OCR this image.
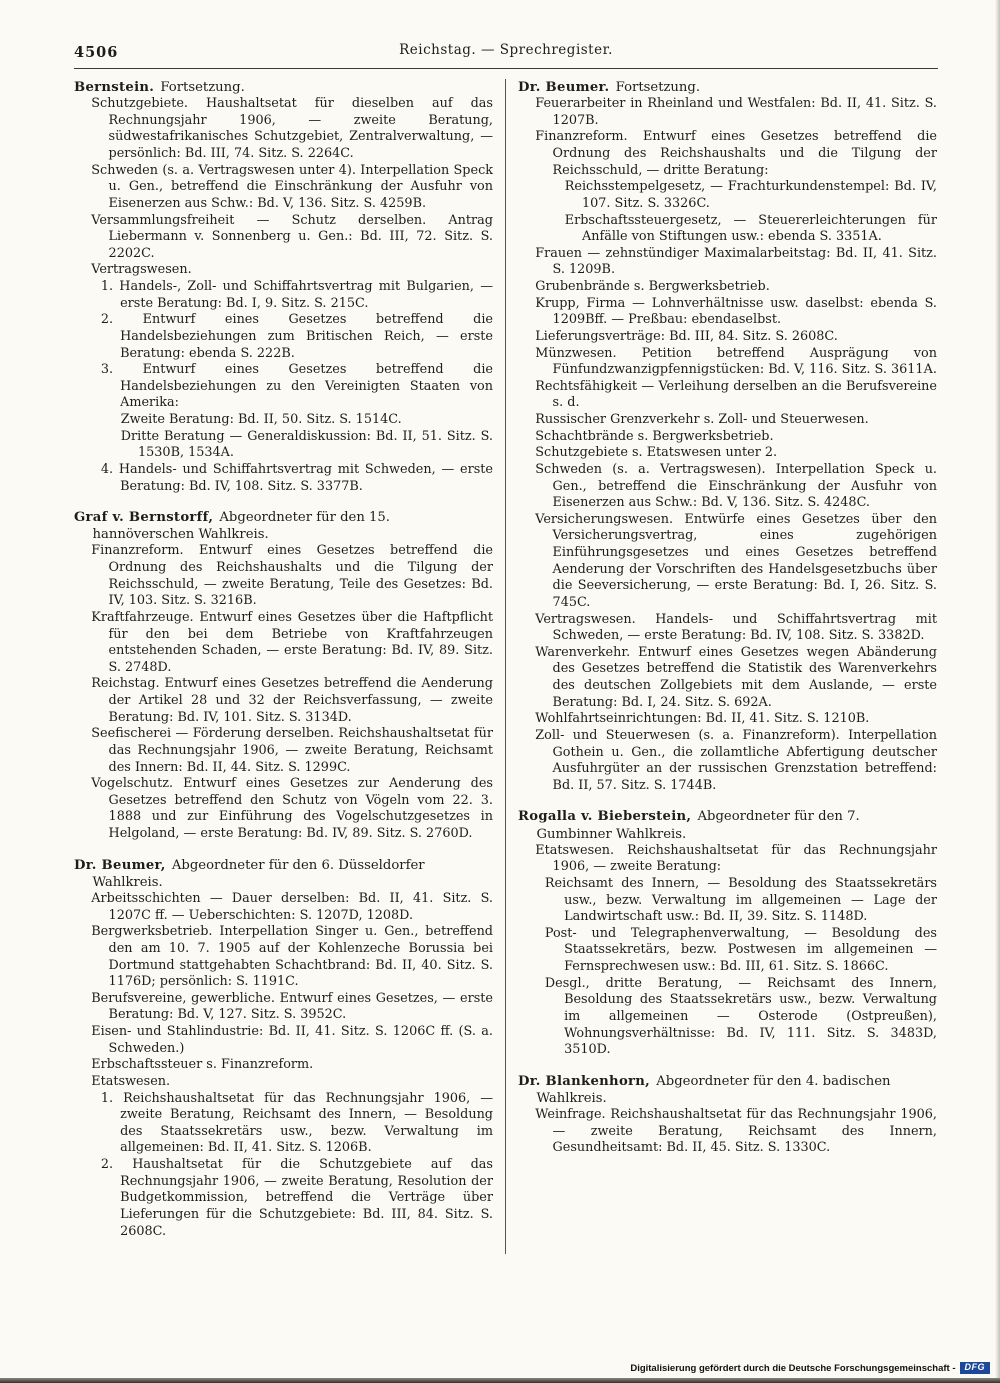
4506	Reichstag. — Sprechregister.

Bernstein. Fortsetzung.

Schutzgebiete. Haushaltsetat für dieselben auf das Rechnungsjahr 1906, — zweite Beratung, südwestafrikanisches Schutzgebiet, Zentralverwaltung, — persönlich: Bd. III, 74. Sitz. S. 2264C.

Schweden (s. a. Vertragswesen unter 4). Interpellation Speck u. Gen., betreffend die Einschränkung der Ausfuhr von Eisenerzen aus Schw.: Bd. V, 136. Sitz. S. 4259B.

Versammlungsfreiheit — Schutz derselben. Antrag Liebermann v. Sonnenberg u. Gen.: Bd. III, 72. Sitz. S. 2202C.

Vertragswesen.

1. Handels-, Zoll- und Schiffahrtsvertrag mit Bulgarien, — erste Beratung: Bd. I, 9. Sitz. S. 215C.

2. Entwurf eines Gesetzes betreffend die Handelsbeziehungen zum Britischen Reich, — erste Beratung: ebenda S. 222B.

3. Entwurf eines Gesetzes betreffend die Handelsbeziehungen zu den Vereinigten Staaten von Amerika:

Zweite Beratung: Bd. II, 50. Sitz. S. 1514C.

Dritte Beratung — Generaldiskussion: Bd. II, 51. Sitz. S. 1530B, 1534A.

4. Handels- und Schiffahrtsvertrag mit Schweden, — erste Beratung: Bd. IV, 108. Sitz. S. 3377B.

Graf v. Bernstorff, Abgeordneter für den 15. hannöverschen Wahlkreis.

Finanzreform. Entwurf eines Gesetzes betreffend die Ordnung des Reichshaushalts und die Tilgung der Reichsschuld, — zweite Beratung, Teile des Gesetzes: Bd. IV, 103. Sitz. S. 3216B.

Kraftfahrzeuge. Entwurf eines Gesetzes über die Haftpflicht für den bei dem Betriebe von Kraftfahrzeugen entstehenden Schaden, — erste Beratung: Bd. IV, 89. Sitz. S. 2748D.

Reichstag. Entwurf eines Gesetzes betreffend die Aenderung der Artikel 28 und 32 der Reichsverfassung, — zweite Beratung: Bd. IV, 101. Sitz. S. 3134D.

Seefischerei — Förderung derselben. Reichshaushaltsetat für das Rechnungsjahr 1906, — zweite Beratung, Reichsamt des Innern: Bd. II, 44. Sitz. S. 1299C.

Vogelschutz. Entwurf eines Gesetzes zur Aenderung des Gesetzes betreffend den Schutz von Vögeln vom 22. 3. 1888 und zur Einführung des Vogelschutzgesetzes in Helgoland, — erste Beratung: Bd. IV, 89. Sitz. S. 2760D.

Dr. Beumer, Abgeordneter für den 6. Düsseldorfer Wahlkreis.

Arbeitsschichten — Dauer derselben: Bd. II, 41. Sitz. S. 1207C ff. — Ueberschichten: S. 1207D, 1208D.

Bergwerksbetrieb. Interpellation Singer u. Gen., betreffend den am 10. 7. 1905 auf der Kohlenzeche Borussia bei Dortmund stattgehabten Schachtbrand: Bd. II, 40. Sitz. S. 1176D; persönlich: S. 1191C.

Berufsvereine, gewerbliche. Entwurf eines Gesetzes, — erste Beratung: Bd. V, 127. Sitz. S. 3952C.

Eisen- und Stahlindustrie: Bd. II, 41. Sitz. S. 1206C ff. (S. a. Schweden.)

Erbschaftssteuer s. Finanzreform.

Etatswesen.

1. Reichshaushaltsetat für das Rechnungsjahr 1906, — zweite Beratung, Reichsamt des Innern, — Besoldung des Staatssekretärs usw., bezw. Verwaltung im allgemeinen: Bd. II, 41. Sitz. S. 1206B.

2. Haushaltsetat für die Schutzgebiete auf das Rechnungsjahr 1906, — zweite Beratung, Resolution der Budgetkommission, betreffend die Verträge über Lieferungen für die Schutzgebiete: Bd. III, 84. Sitz. S. 2608C.

Dr. Beumer. Fortsetzung.

Feuerarbeiter in Rheinland und Westfalen: Bd. II, 41. Sitz. S. 1207B.

Finanzreform. Entwurf eines Gesetzes betreffend die Ordnung des Reichshaushalts und die Tilgung der Reichsschuld, — dritte Beratung:

Reichsstempelgesetz, — Frachturkundenstempel: Bd. IV, 107. Sitz. S. 3326C.

Erbschaftssteuergesetz, — Steuererleichterungen für Anfälle von Stiftungen usw.: ebenda S. 3351A.

Frauen — zehnstündiger Maximalarbeitstag: Bd. II, 41. Sitz. S. 1209B.

Grubenbrände s. Bergwerksbetrieb.

Krupp, Firma — Lohnverhältnisse usw. daselbst: ebenda S. 1209Bff. — Preßbau: ebendaselbst.

Lieferungsverträge: Bd. III, 84. Sitz. S. 2608C.

Münzwesen. Petition betreffend Ausprägung von Fünfundzwanzigpfennigstücken: Bd. V, 116. Sitz. S. 3611A.

Rechtsfähigkeit — Verleihung derselben an die Berufsvereine s. d.

Russischer Grenzverkehr s. Zoll- und Steuerwesen.

Schachtbrände s. Bergwerksbetrieb.

Schutzgebiete s. Etatswesen unter 2.

Schweden (s. a. Vertragswesen). Interpellation Speck u. Gen., betreffend die Einschränkung der Ausfuhr von Eisenerzen aus Schw.: Bd. V, 136. Sitz. S. 4248C.

Versicherungswesen. Entwürfe eines Gesetzes über den Versicherungsvertrag, eines zugehörigen Einführungsgesetzes und eines Gesetzes betreffend Aenderung der Vorschriften des Handelsgesetzbuchs über die Seeversicherung, — erste Beratung: Bd. I, 26. Sitz. S. 745C.

Vertragswesen. Handels- und Schiffahrtsvertrag mit Schweden, — erste Beratung: Bd. IV, 108. Sitz. S. 3382D.

Warenverkehr. Entwurf eines Gesetzes wegen Abänderung des Gesetzes betreffend die Statistik des Warenverkehrs des deutschen Zollgebiets mit dem Auslande, — erste Beratung: Bd. I, 24. Sitz. S. 692A.

Wohlfahrtseinrichtungen: Bd. II, 41. Sitz. S. 1210B.

Zoll- und Steuerwesen (s. a. Finanzreform). Interpellation Gothein u. Gen., die zollamtliche Abfertigung deutscher Ausfuhrgüter an der russischen Grenzstation betreffend: Bd. II, 57. Sitz. S. 1744B.

Rogalla v. Bieberstein, Abgeordneter für den 7. Gumbinner Wahlkreis.

Etatswesen. Reichshaushaltsetat für das Rechnungsjahr 1906, — zweite Beratung:

Reichsamt des Innern, — Besoldung des Staatssekretärs usw., bezw. Verwaltung im allgemeinen — Lage der Landwirtschaft usw.: Bd. II, 39. Sitz. S. 1148D.

Post- und Telegraphenverwaltung, — Besoldung des Staatssekretärs, bezw. Postwesen im allgemeinen — Fernsprechwesen usw.: Bd. III, 61. Sitz. S. 1866C.

Desgl., dritte Beratung, — Reichsamt des Innern, Besoldung des Staatssekretärs usw., bezw. Verwaltung im allgemeinen — Osterode (Ostpreußen), Wohnungsverhältnisse: Bd. IV, 111. Sitz. S. 3483D, 3510D.

Dr. Blankenhorn, Abgeordneter für den 4. badischen Wahlkreis.

Weinfrage. Reichshaushaltsetat für das Rechnungsjahr 1906, — zweite Beratung, Reichsamt des Innern, Gesundheitsamt: Bd. II, 45. Sitz. S. 1330C.

Digitalisierung gefördert durch die Deutsche Forschungsgemeinschaft -	DFG
